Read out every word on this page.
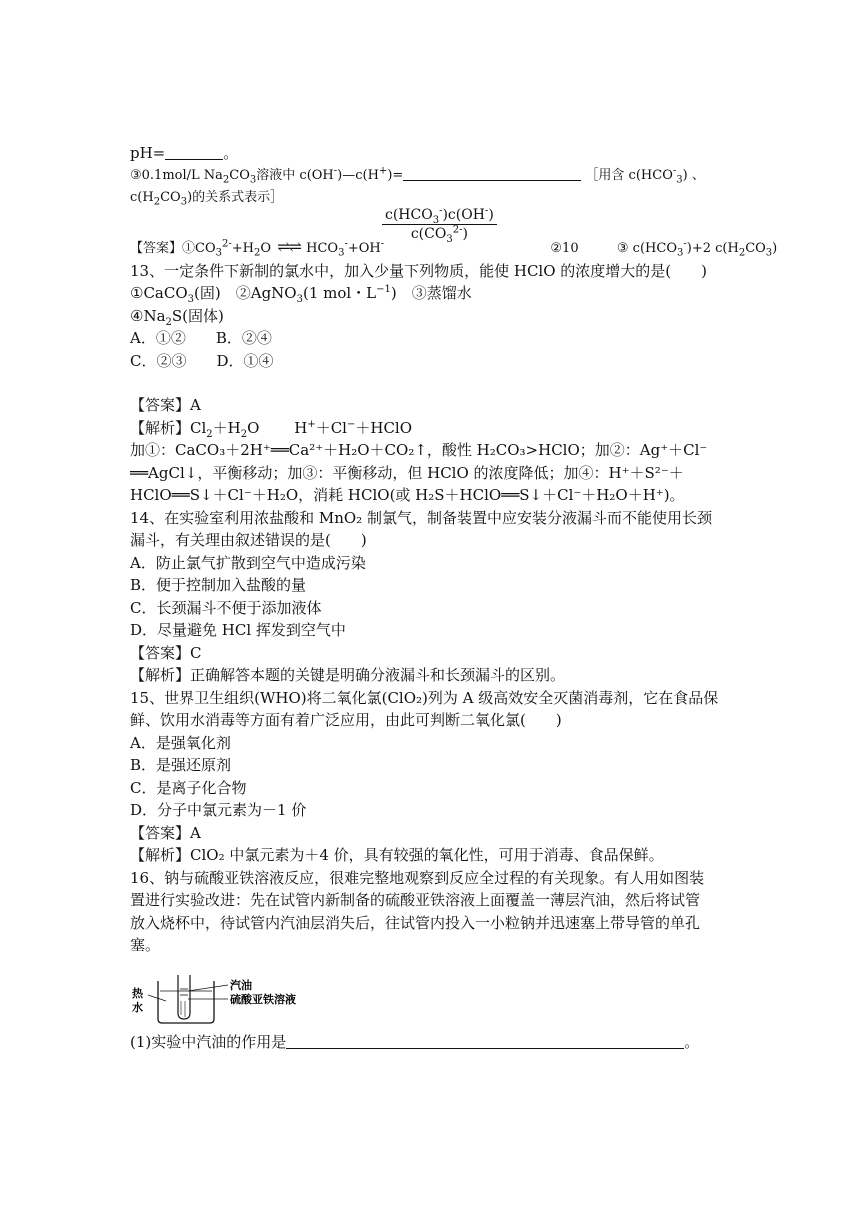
pH=	。
③0.1mol/L $Na_2CO_3$溶液中 c(OH-)—c(H+)=	［用含 $c(HCO^-_3)$ 、
$c(H_2CO_3)$的关系式表示］
$c(HCO_3^-)c(OH^-)$
$c(CO_3^{2-})$
【答案】$①CO_3^{2-}+H_2O$ ⇌⇌ $HCO_3^-+OH^-$	②10	③ $c(HCO_3^-)+2$ $c(H_2CO_3)$
13、一定条件下新制的氯水中，加入少量下列物质，能使 HClO 的浓度增大的是(　　)
①CaCO$_3$(固)　②AgNO$_3$(1 mol・$L^{-1}$)　③蒸馏水
$④Na_2S$(固体)
A．①②　　B．②④
C．②③　　D．①④
【答案】A
【解析】$Cl_2+H_2O$　　 H+＋Cl−＋HClO
加①：CaCO₃＋2H⁺══Ca²⁺＋H₂O＋CO₂↑，酸性 H₂CO₃>HClO；加②：Ag⁺＋Cl⁻
══AgCl↓，平衡移动；加③：平衡移动，但 HClO 的浓度降低；加④：H⁺＋S²⁻＋
HClO══S↓＋Cl⁻＋H₂O，消耗 HClO(或 H₂S＋HClO══S↓＋Cl⁻＋H₂O＋H⁺)。
14、在实验室利用浓盐酸和 MnO₂ 制氯气，制备装置中应安装分液漏斗而不能使用长颈
漏斗，有关理由叙述错误的是(　　)
A．防止氯气扩散到空气中造成污染
B．便于控制加入盐酸的量
C．长颈漏斗不便于添加液体
D．尽量避免 HCl 挥发到空气中
【答案】C
【解析】正确解答本题的关键是明确分液漏斗和长颈漏斗的区别。
15、世界卫生组织(WHO)将二氧化氯(ClO₂)列为 A 级高效安全灭菌消毒剂，它在食品保
鲜、饮用水消毒等方面有着广泛应用，由此可判断二氧化氯(　　)
A．是强氧化剂
B．是强还原剂
C．是离子化合物
D．分子中氯元素为－1 价
【答案】A
【解析】ClO₂ 中氯元素为＋4 价，具有较强的氧化性，可用于消毒、食品保鲜。
16、钠与硫酸亚铁溶液反应，很难完整地观察到反应全过程的有关现象。有人用如图装
置进行实验改进：先在试管内新制备的硫酸亚铁溶液上面覆盖一薄层汽油，然后将试管
放入烧杯中，待试管内汽油层消失后，往试管内投入一小粒钠并迅速塞上带导管的单孔
塞。
热
水
汽油
硫酸亚铁溶液
(1)实验中汽油的作用是	。
